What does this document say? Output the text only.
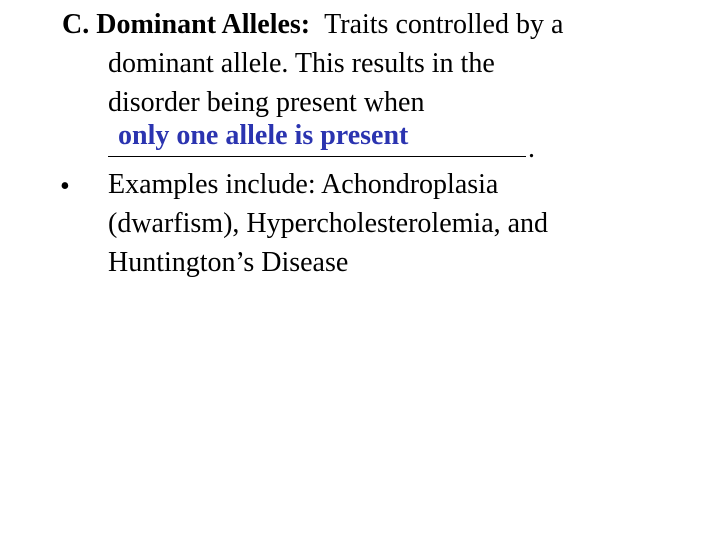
C. Dominant Alleles: Traits controlled by a
dominant allele. This results in the
disorder being present when
only one allele is present	.
• Examples include: Achondroplasia
(dwarfism), Hypercholesterolemia, and
Huntington’s Disease
